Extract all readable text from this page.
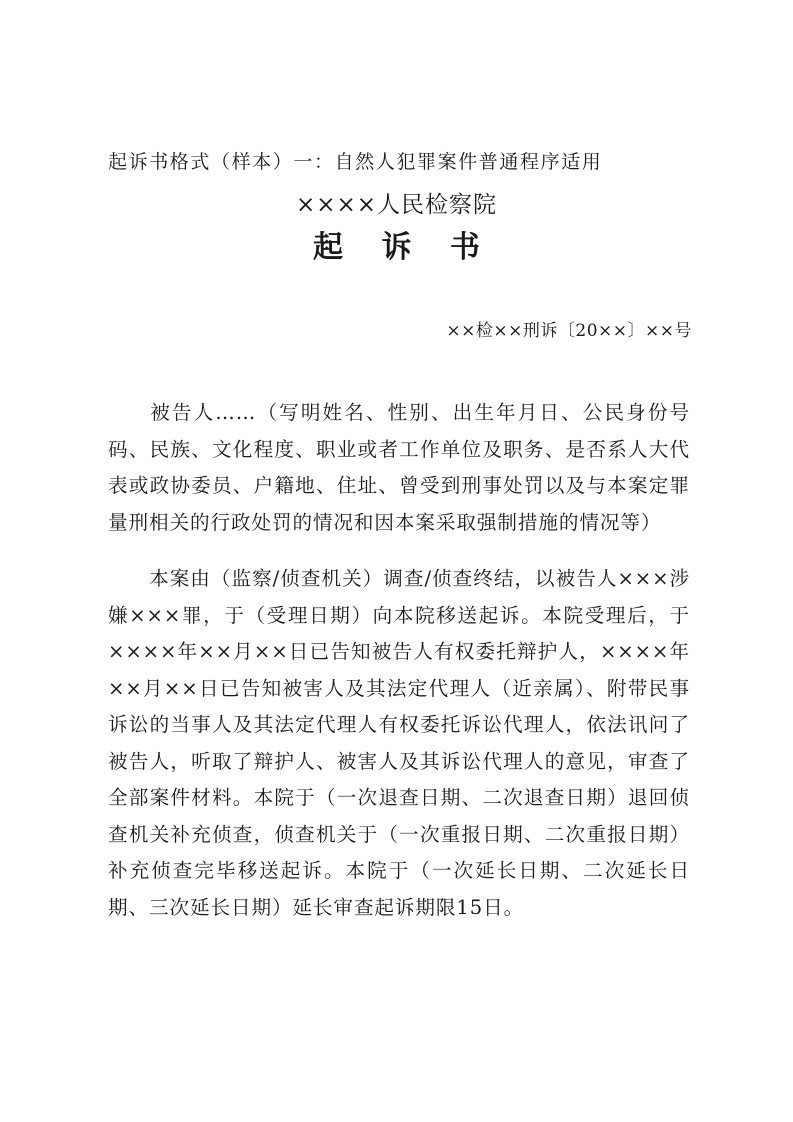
起诉书格式（样本）一：自然人犯罪案件普通程序适用
××××人民检察院
起 诉 书
××检××刑诉〔20××〕××号

被告人……（写明姓名、性别、出生年月日、公民身份号码、民族、文化程度、职业或者工作单位及职务、是否系人大代表或政协委员、户籍地、住址、曾受到刑事处罚以及与本案定罪量刑相关的行政处罚的情况和因本案采取强制措施的情况等）

本案由（监察/侦查机关）调查/侦查终结，以被告人×××涉嫌×××罪，于（受理日期）向本院移送起诉。本院受理后，于××××年××月××日已告知被告人有权委托辩护人，××××年××月××日已告知被害人及其法定代理人（近亲属）、附带民事诉讼的当事人及其法定代理人有权委托诉讼代理人，依法讯问了被告人，听取了辩护人、被害人及其诉讼代理人的意见，审查了全部案件材料。本院于（一次退查日期、二次退查日期）退回侦查机关补充侦查，侦查机关于（一次重报日期、二次重报日期）补充侦查完毕移送起诉。本院于（一次延长日期、二次延长日期、三次延长日期）延长审查起诉期限15日。
